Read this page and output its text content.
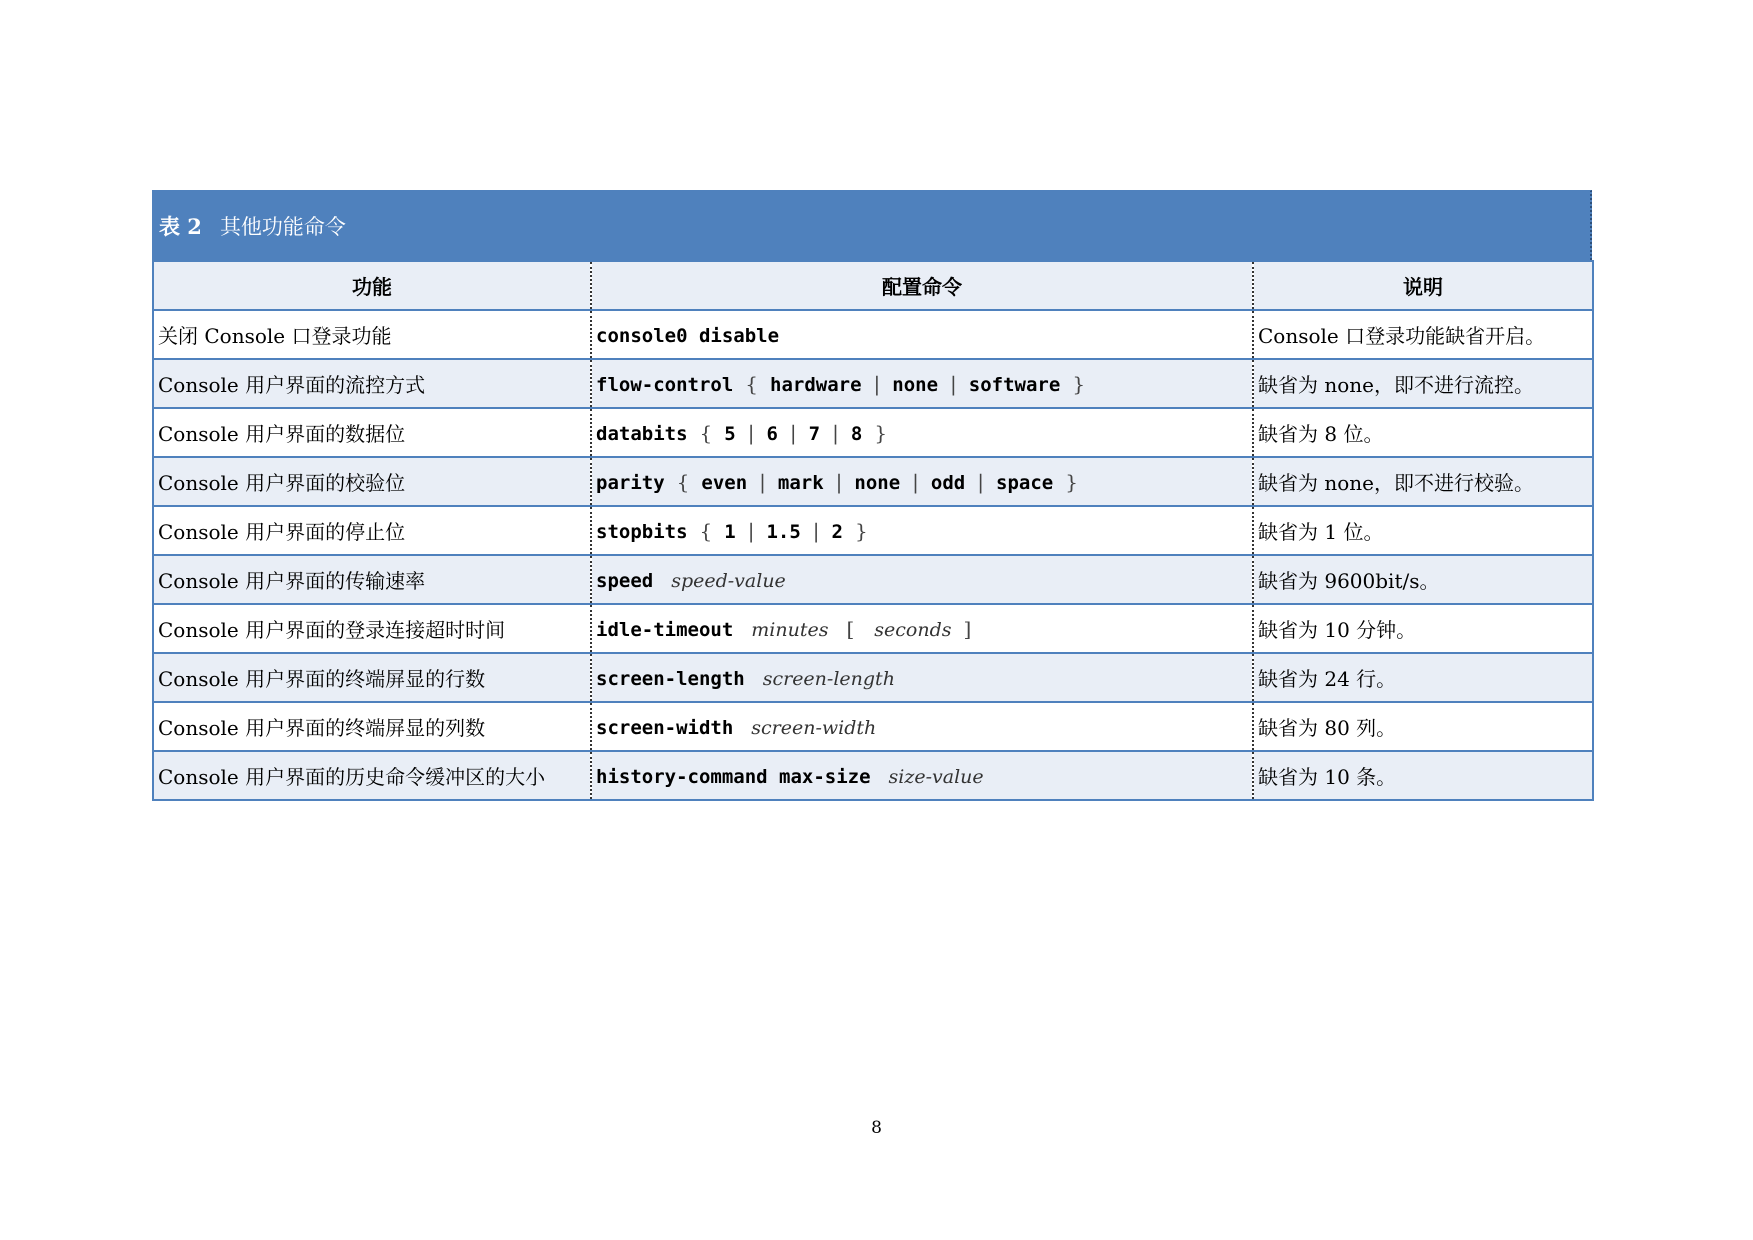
表 2 其他功能命令
功能	配置命令	说明
关闭 Console 口登录功能	console0 disable	Console 口登录功能缺省开启。
Console 用户界面的流控方式	flow-control { hardware | none | software }	缺省为 none，即不进行流控。
Console 用户界面的数据位	databits { 5 | 6 | 7 | 8 }	缺省为 8 位。
Console 用户界面的校验位	parity { even | mark | none | odd | space }	缺省为 none，即不进行校验。
Console 用户界面的停止位	stopbits { 1 | 1.5 | 2 }	缺省为 1 位。
Console 用户界面的传输速率	speed speed-value	缺省为 9600bit/s。
Console 用户界面的登录连接超时时间	idle-timeout minutes [ seconds ]	缺省为 10 分钟。
Console 用户界面的终端屏显的行数	screen-length screen-length	缺省为 24 行。
Console 用户界面的终端屏显的列数	screen-width screen-width	缺省为 80 列。
Console 用户界面的历史命令缓冲区的大小	history-command max-size size-value	缺省为 10 条。
8
